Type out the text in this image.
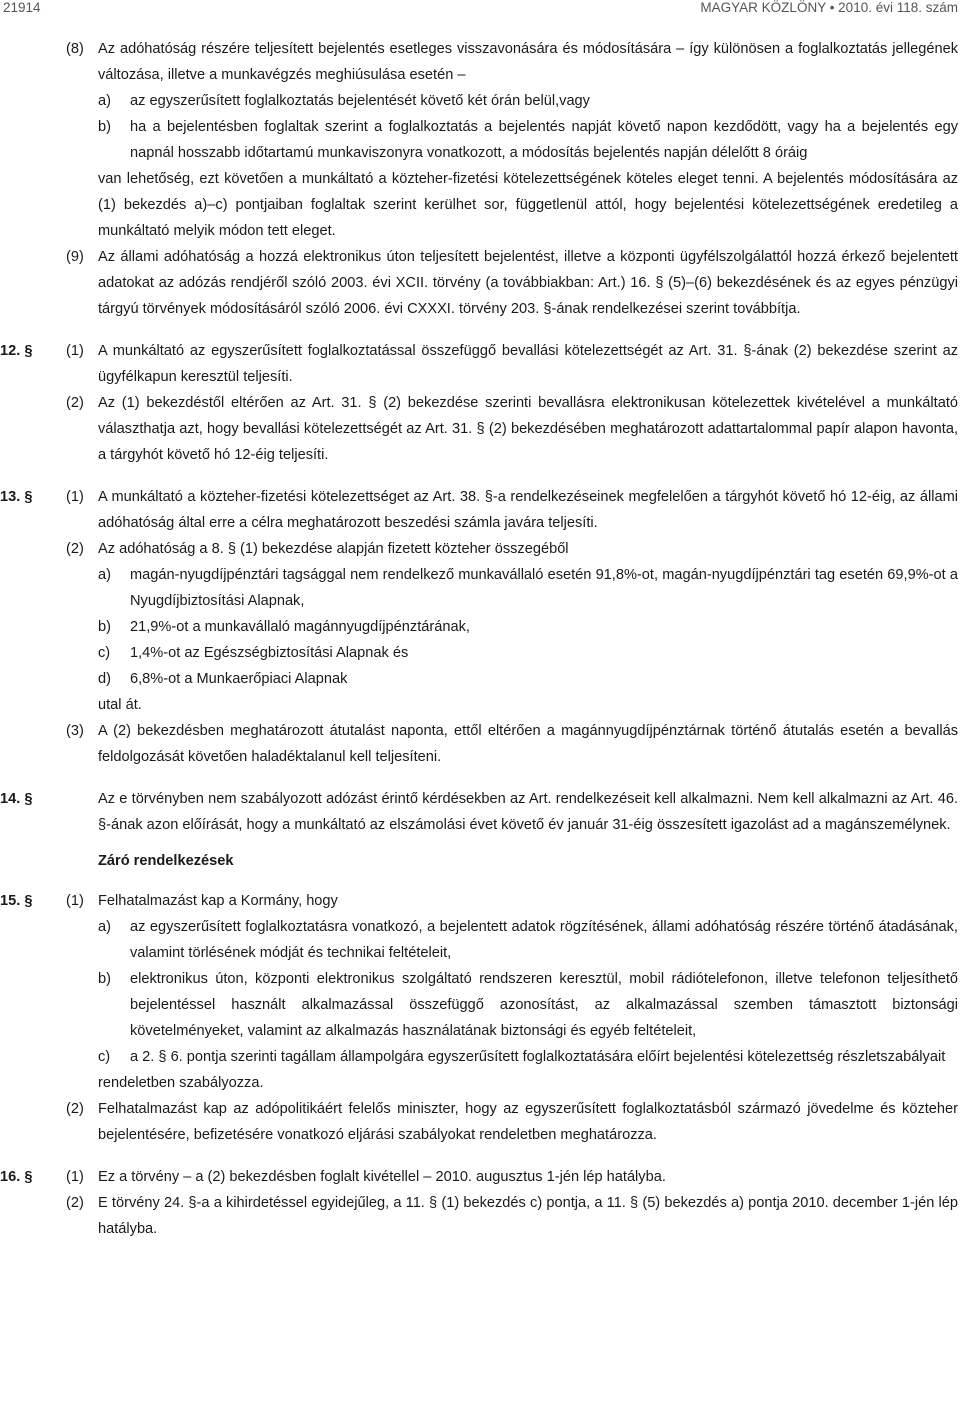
21914	MAGYAR KÖZLÖNY • 2010. évi 118. szám
(8) Az adóhatóság részére teljesített bejelentés esetleges visszavonására és módosítására – így különösen a foglalkoztatás jellegének változása, illetve a munkavégzés meghiúsulása esetén –
a) az egyszerűsített foglalkoztatás bejelentését követő két órán belül,vagy
b) ha a bejelentésben foglaltak szerint a foglalkoztatás a bejelentés napját követő napon kezdődött, vagy ha a bejelentés egy napnál hosszabb időtartamú munkaviszonyra vonatkozott, a módosítás bejelentés napján délelőtt 8 óráig
van lehetőség, ezt követően a munkáltató a közteher-fizetési kötelezettségének köteles eleget tenni. A bejelentés módosítására az (1) bekezdés a)–c) pontjaiban foglaltak szerint kerülhet sor, függetlenül attól, hogy bejelentési kötelezettségének eredetileg a munkáltató melyik módon tett eleget.
(9) Az állami adóhatóság a hozzá elektronikus úton teljesített bejelentést, illetve a központi ügyfélszolgálattól hozzá érkező bejelentett adatokat az adózás rendjéről szóló 2003. évi XCII. törvény (a továbbiakban: Art.) 16. § (5)–(6) bekezdésének és az egyes pénzügyi tárgyú törvények módosításáról szóló 2006. évi CXXXI. törvény 203. §-ának rendelkezései szerint továbbítja.
12. §	(1) A munkáltató az egyszerűsített foglalkoztatással összefüggő bevallási kötelezettségét az Art. 31. §-ának (2) bekezdése szerint az ügyfélkapun keresztül teljesíti.
(2) Az (1) bekezdéstől eltérően az Art. 31. § (2) bekezdése szerinti bevallásra elektronikusan kötelezettek kivételével a munkáltató választhatja azt, hogy bevallási kötelezettségét az Art. 31. § (2) bekezdésében meghatározott adattartalommal papír alapon havonta, a tárgyhót követő hó 12-éig teljesíti.
13. §	(1) A munkáltató a közteher-fizetési kötelezettséget az Art. 38. §-a rendelkezéseinek megfelelően a tárgyhót követő hó 12-éig, az állami adóhatóság által erre a célra meghatározott beszedési számla javára teljesíti.
(2) Az adóhatóság a 8. § (1) bekezdése alapján fizetett közteher összegéből
a) magán-nyugdíjpénztári tagsággal nem rendelkező munkavállaló esetén 91,8%-ot, magán-nyugdíjpénztári tag esetén 69,9%-ot a Nyugdíjbiztosítási Alapnak,
b) 21,9%-ot a munkavállaló magánnyugdíjpénztárának,
c) 1,4%-ot az Egészségbiztosítási Alapnak és
d) 6,8%-ot a Munkaerőpiaci Alapnak
utal át.
(3) A (2) bekezdésben meghatározott átutalást naponta, ettől eltérően a magánnyugdíjpénztárnak történő átutalás esetén a bevallás feldolgozását követően haladéktalanul kell teljesíteni.
14. §	Az e törvényben nem szabályozott adózást érintő kérdésekben az Art. rendelkezéseit kell alkalmazni. Nem kell alkalmazni az Art. 46. §-ának azon előírását, hogy a munkáltató az elszámolási évet követő év január 31-éig összesített igazolást ad a magánszemélynek.
Záró rendelkezések
15. §	(1) Felhatalmazást kap a Kormány, hogy
a) az egyszerűsített foglalkoztatásra vonatkozó, a bejelentett adatok rögzítésének, állami adóhatóság részére történő átadásának, valamint törlésének módját és technikai feltételeit,
b) elektronikus úton, központi elektronikus szolgáltató rendszeren keresztül, mobil rádiótelefonon, illetve telefonon teljesíthető bejelentéssel használt alkalmazással összefüggő azonosítást, az alkalmazással szemben támasztott biztonsági követelményeket, valamint az alkalmazás használatának biztonsági és egyéb feltételeit,
c) a 2. § 6. pontja szerinti tagállam állampolgára egyszerűsített foglalkoztatására előírt bejelentési kötelezettség részletszabályait
rendeletben szabályozza.
(2) Felhatalmazást kap az adópolitikáért felelős miniszter, hogy az egyszerűsített foglalkoztatásból származó jövedelme és közteher bejelentésére, befizetésére vonatkozó eljárási szabályokat rendeletben meghatározza.
16. §	(1) Ez a törvény – a (2) bekezdésben foglalt kivétellel – 2010. augusztus 1-jén lép hatályba.
(2) E törvény 24. §-a a kihirdetéssel egyidejűleg, a 11. § (1) bekezdés c) pontja, a 11. § (5) bekezdés a) pontja 2010. december 1-jén lép hatályba.
